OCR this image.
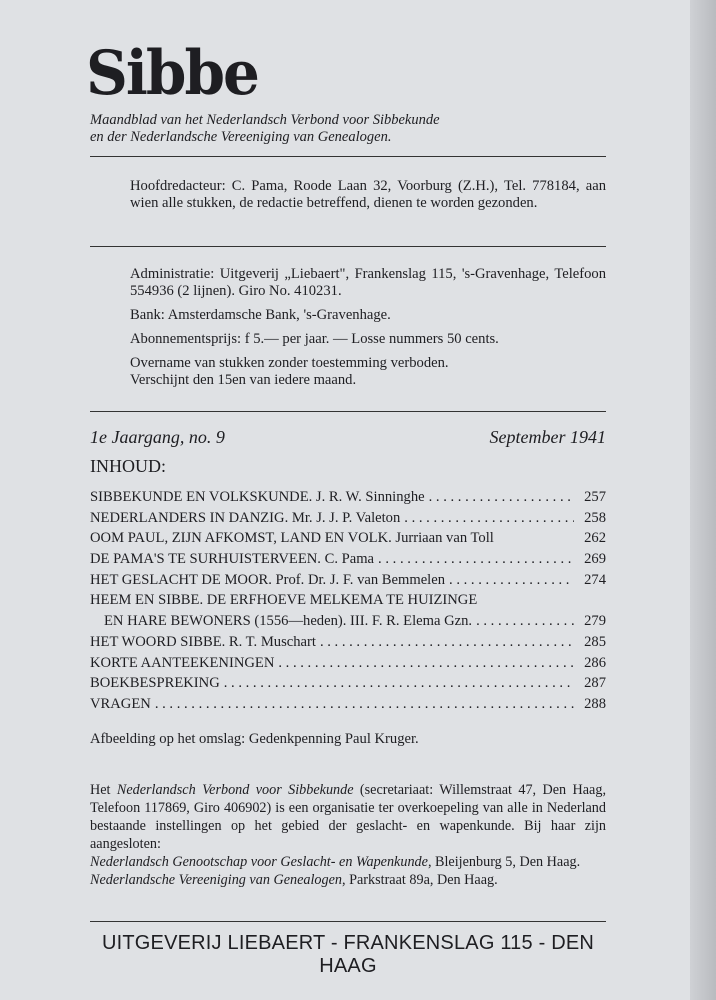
Sibbe
Maandblad van het Nederlandsch Verbond voor Sibbekunde
en der Nederlandsche Vereeniging van Genealogen.

Hoofdredacteur: C. Pama, Roode Laan 32, Voorburg (Z.H.), Tel. 778184, aan wien alle stukken, de redactie betreffend, dienen te worden gezonden.

Administratie: Uitgeverij „Liebaert", Frankenslag 115, 's-Gravenhage, Telefoon 554936 (2 lijnen). Giro No. 410231.

Bank: Amsterdamsche Bank, 's-Gravenhage.

Abonnementsprijs: f 5.— per jaar. — Losse nummers 50 cents.

Overname van stukken zonder toestemming verboden.

Verschijnt den 15en van iedere maand.

1e Jaargang, no. 9	September 1941
INHOUD:
SIBBEKUNDE EN VOLKSKUNDE. J. R. W. Sinninghe . . .	257
NEDERLANDERS IN DANZIG. Mr. J. J. P. Valeton . . .	258
OOM PAUL, ZIJN AFKOMST, LAND EN VOLK. Jurriaan van Toll	262
DE PAMA'S TE SURHUISTERVEEN. C. Pama . . .	269
HET GESLACHT DE MOOR. Prof. Dr. J. F. van Bemmelen . . .	274
HEEM EN SIBBE. DE ERFHOEVE MELKEMA TE HUIZINGE
EN HARE BEWONERS (1556—heden). III. F. R. Elema Gzn. . . .	279
HET WOORD SIBBE. R. T. Muschart . . .	285
KORTE AANTEEKENINGEN . . .	286
BOEKBESPREKING . . .	287
VRAGEN . . .	288
Afbeelding op het omslag: Gedenkpenning Paul Kruger.

Het Nederlandsch Verbond voor Sibbekunde (secretariaat: Willemstraat 47, Den Haag, Telefoon 117869, Giro 406902) is een organisatie ter overkoepeling van alle in Nederland bestaande instellingen op het gebied der geslacht- en wapenkunde. Bij haar zijn aangesloten:

Nederlandsch Genootschap voor Geslacht- en Wapenkunde, Bleijenburg 5, Den Haag.

Nederlandsche Vereeniging van Genealogen, Parkstraat 89a, Den Haag.

UITGEVERIJ LIEBAERT - FRANKENSLAG 115 - DEN HAAG
